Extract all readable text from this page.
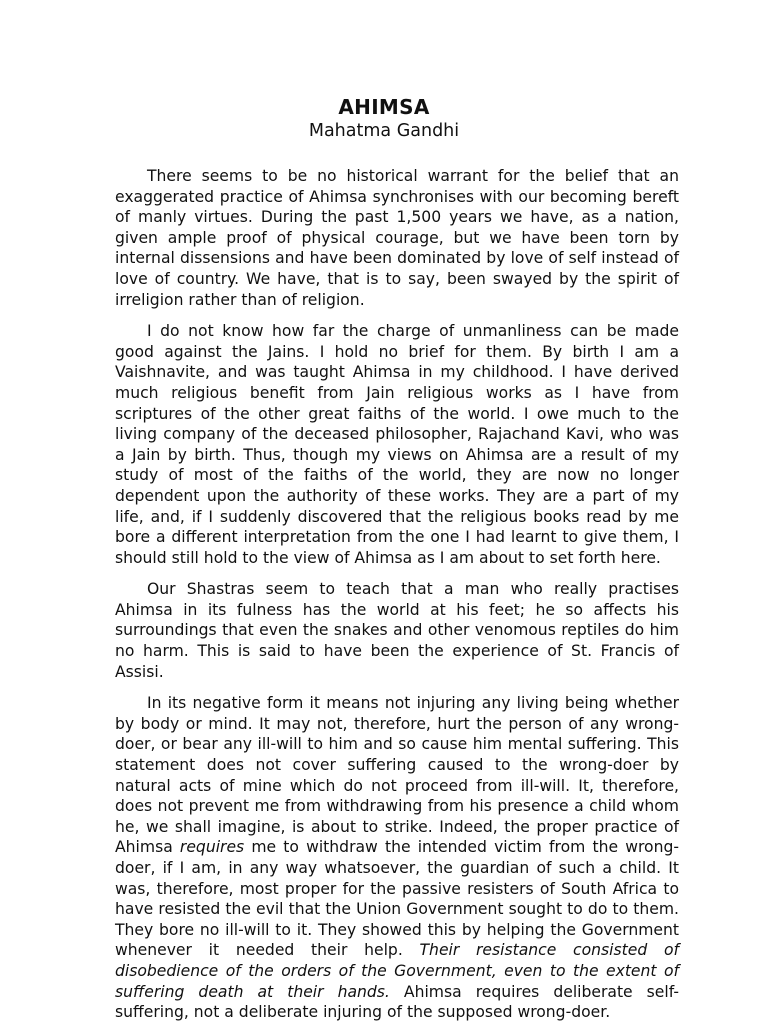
AHIMSA
Mahatma Gandhi

There seems to be no historical warrant for the belief that an exaggerated practice of Ahimsa synchronises with our becoming bereft of manly virtues. During the past 1,500 years we have, as a nation, given ample proof of physical courage, but we have been torn by internal dissensions and have been dominated by love of self instead of love of country. We have, that is to say, been swayed by the spirit of irreligion rather than of religion.

I do not know how far the charge of unmanliness can be made good against the Jains. I hold no brief for them. By birth I am a Vaishnavite, and was taught Ahimsa in my childhood. I have derived much religious benefit from Jain religious works as I have from scriptures of the other great faiths of the world. I owe much to the living company of the deceased philosopher, Rajachand Kavi, who was a Jain by birth. Thus, though my views on Ahimsa are a result of my study of most of the faiths of the world, they are now no longer dependent upon the authority of these works. They are a part of my life, and, if I suddenly discovered that the religious books read by me bore a different interpretation from the one I had learnt to give them, I should still hold to the view of Ahimsa as I am about to set forth here.

Our Shastras seem to teach that a man who really practises Ahimsa in its fulness has the world at his feet; he so affects his surroundings that even the snakes and other venomous reptiles do him no harm. This is said to have been the experience of St. Francis of Assisi.

In its negative form it means not injuring any living being whether by body or mind. It may not, therefore, hurt the person of any wrong-doer, or bear any ill-will to him and so cause him mental suffering. This statement does not cover suffering caused to the wrong-doer by natural acts of mine which do not proceed from ill-will. It, therefore, does not prevent me from withdrawing from his presence a child whom he, we shall imagine, is about to strike. Indeed, the proper practice of Ahimsa requires me to withdraw the intended victim from the wrong-doer, if I am, in any way whatsoever, the guardian of such a child. It was, therefore, most proper for the passive resisters of South Africa to have resisted the evil that the Union Government sought to do to them. They bore no ill-will to it. They showed this by helping the Government whenever it needed their help. Their resistance consisted of disobedience of the orders of the Government, even to the extent of suffering death at their hands. Ahimsa requires deliberate self-suffering, not a deliberate injuring of the supposed wrong-doer.
